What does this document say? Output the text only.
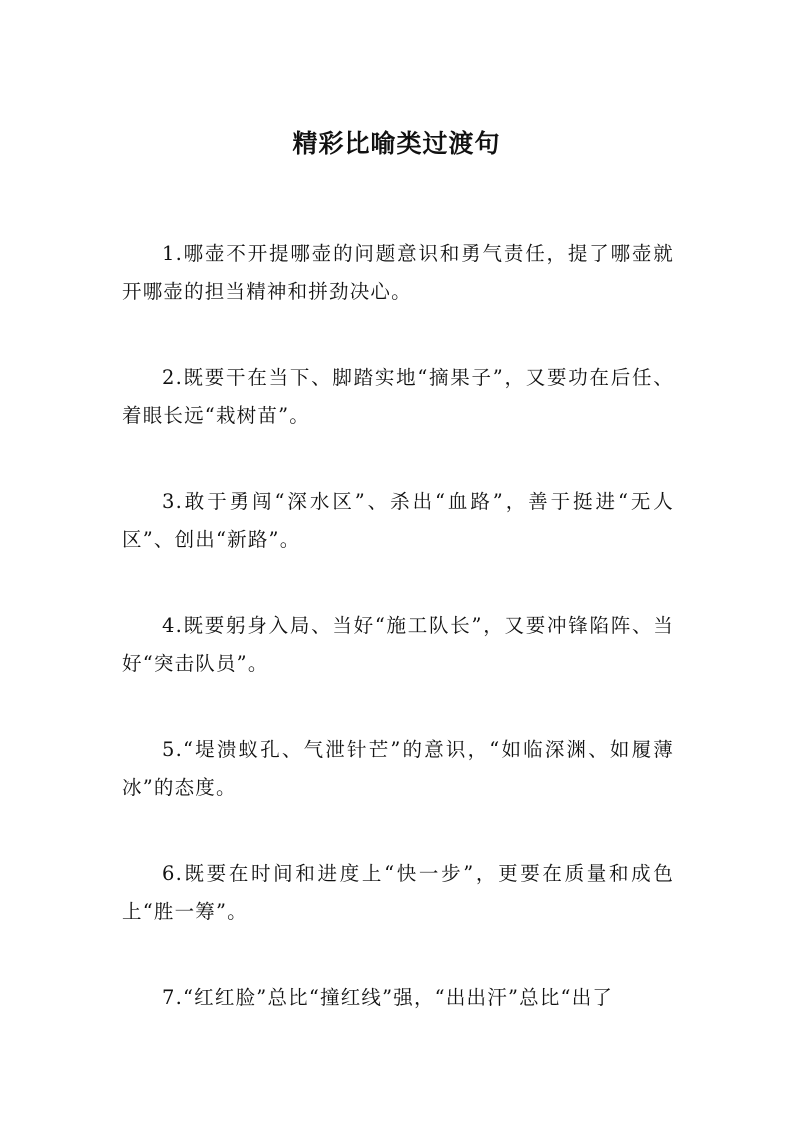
精彩比喻类过渡句
1.哪壶不开提哪壶的问题意识和勇气责任，提了哪壶就开哪壶的担当精神和拼劲决心。
2.既要干在当下、脚踏实地“摘果子”，又要功在后任、着眼长远“栽树苗”。
3.敢于勇闯“深水区”、杀出“血路”，善于挺进“无人区”、创出“新路”。
4.既要躬身入局、当好“施工队长”，又要冲锋陷阵、当好“突击队员”。
5.“堤溃蚁孔、气泄针芒”的意识，“如临深渊、如履薄冰”的态度。
6.既要在时间和进度上“快一步”，更要在质量和成色上“胜一筹”。
7.“红红脸”总比“撞红线”强，“出出汗”总比“出了
